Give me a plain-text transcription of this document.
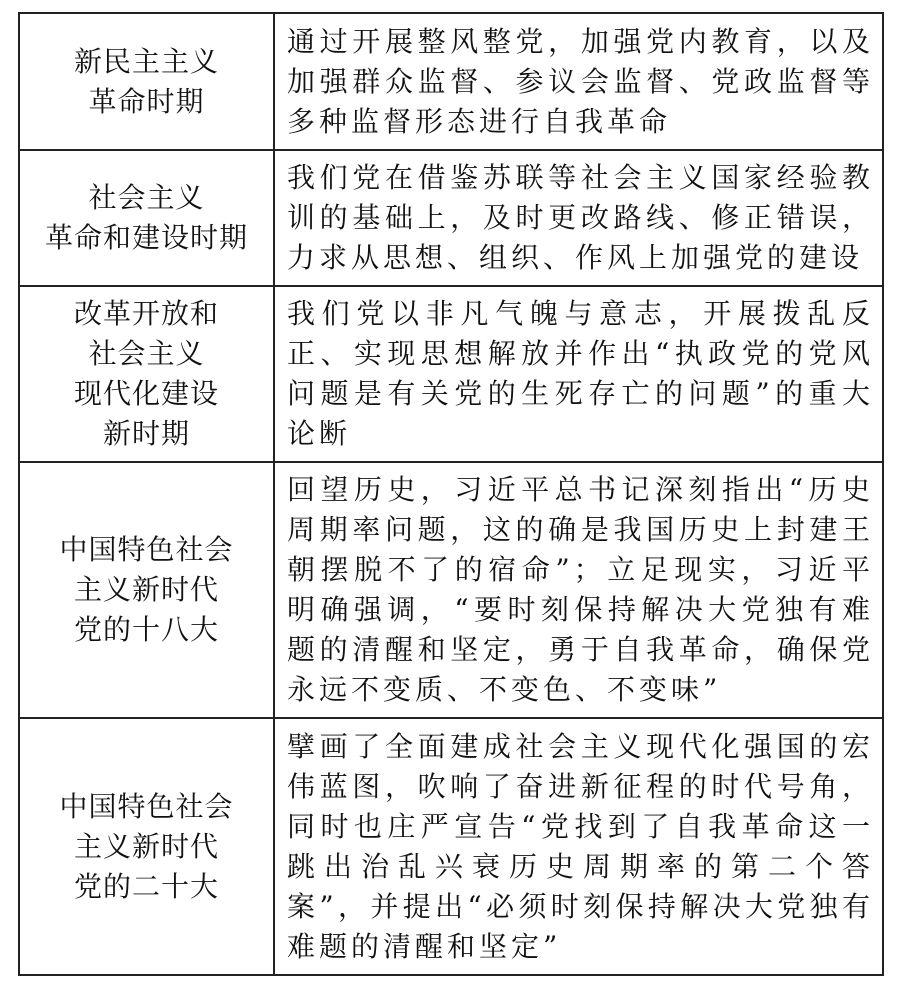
新民主主义
革命时期	通过开展整风整党，加强党内教育，以及加强群众监督、参议会监督、党政监督等多种监督形态进行自我革命
社会主义
革命和建设时期	我们党在借鉴苏联等社会主义国家经验教训的基础上，及时更改路线、修正错误，力求从思想、组织、作风上加强党的建设
改革开放和
社会主义
现代化建设
新时期	我们党以非凡气魄与意志，开展拨乱反正、实现思想解放并作出“执政党的党风问题是有关党的生死存亡的问题”的重大论断
中国特色社会
主义新时代
党的十八大	回望历史，习近平总书记深刻指出“历史周期率问题，这的确是我国历史上封建王朝摆脱不了的宿命”；立足现实，习近平明确强调，“要时刻保持解决大党独有难题的清醒和坚定，勇于自我革命，确保党永远不变质、不变色、不变味”
中国特色社会
主义新时代
党的二十大	擘画了全面建成社会主义现代化强国的宏伟蓝图，吹响了奋进新征程的时代号角，同时也庄严宣告“党找到了自我革命这一跳出治乱兴衰历史周期率的第二个答案”，并提出“必须时刻保持解决大党独有难题的清醒和坚定”
